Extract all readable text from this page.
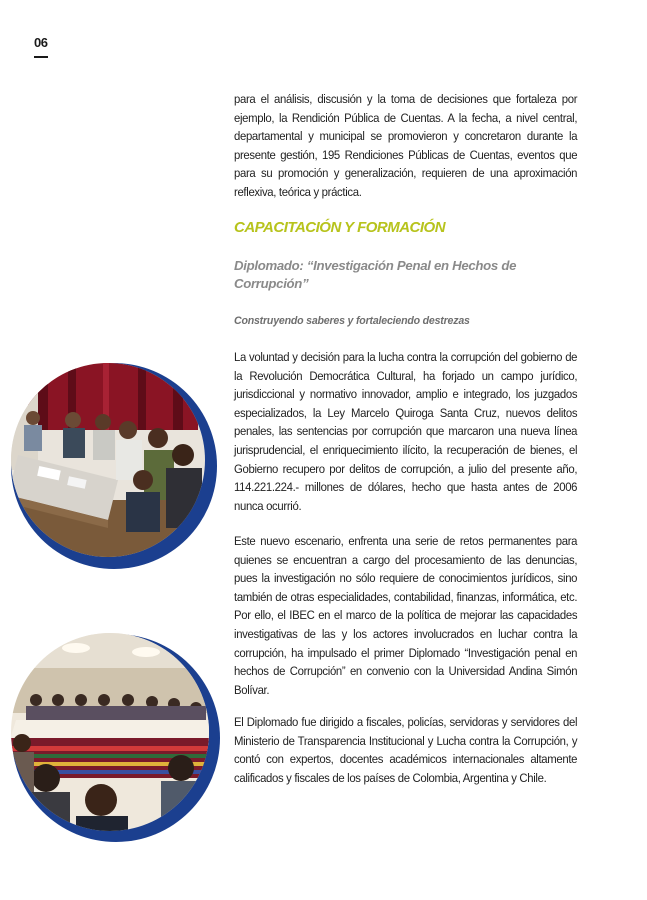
06

para el análisis, discusión y la toma de decisiones que fortaleza por ejemplo, la Rendición Pública de Cuentas. A la fecha, a nivel central, departamental y municipal se promovieron y concretaron durante la presente gestión, 195 Rendiciones Públicas de Cuentas, eventos que para su promoción y generalización, requieren de una aproximación reflexiva, teórica y práctica.

CAPACITACIÓN Y FORMACIÓN
Diplomado: “Investigación Penal en Hechos de Corrupción”
Construyendo saberes y fortaleciendo destrezas

La voluntad y decisión para la lucha contra la corrupción del gobierno de la Revolución Democrática Cultural, ha forjado un campo jurídico, jurisdiccional y normativo innovador, amplio e integrado, los juzgados especializados, la Ley Marcelo Quiroga Santa Cruz, nuevos delitos penales, las sentencias por corrupción que marcaron una nueva línea jurisprudencial, el enriquecimiento ilícito, la recuperación de bienes, el Gobierno recupero por delitos de corrupción, a julio del presente año, 114.221.224.- millones de dólares, hecho que hasta antes de 2006 nunca ocurrió.

Este nuevo escenario, enfrenta una serie de retos permanentes para quienes se encuentran a cargo del procesamiento de las denuncias, pues la investigación no sólo requiere de conocimientos jurídicos, sino también de otras especialidades, contabilidad, finanzas, informática, etc. Por ello, el IBEC en el marco de la política de mejorar las capacidades investigativas de las y los actores involucrados en luchar contra la corrupción, ha impulsado el primer Diplomado “Investigación penal en hechos de Corrupción” en convenio con la Universidad Andina Simón Bolívar.

El Diplomado fue dirigido a fiscales, policías, servidoras y servidores del Ministerio de Transparencia Institucional y Lucha contra la Corrupción, y contó con expertos, docentes académicos internacionales altamente calificados y fiscales de los países de Colombia, Argentina y Chile.
